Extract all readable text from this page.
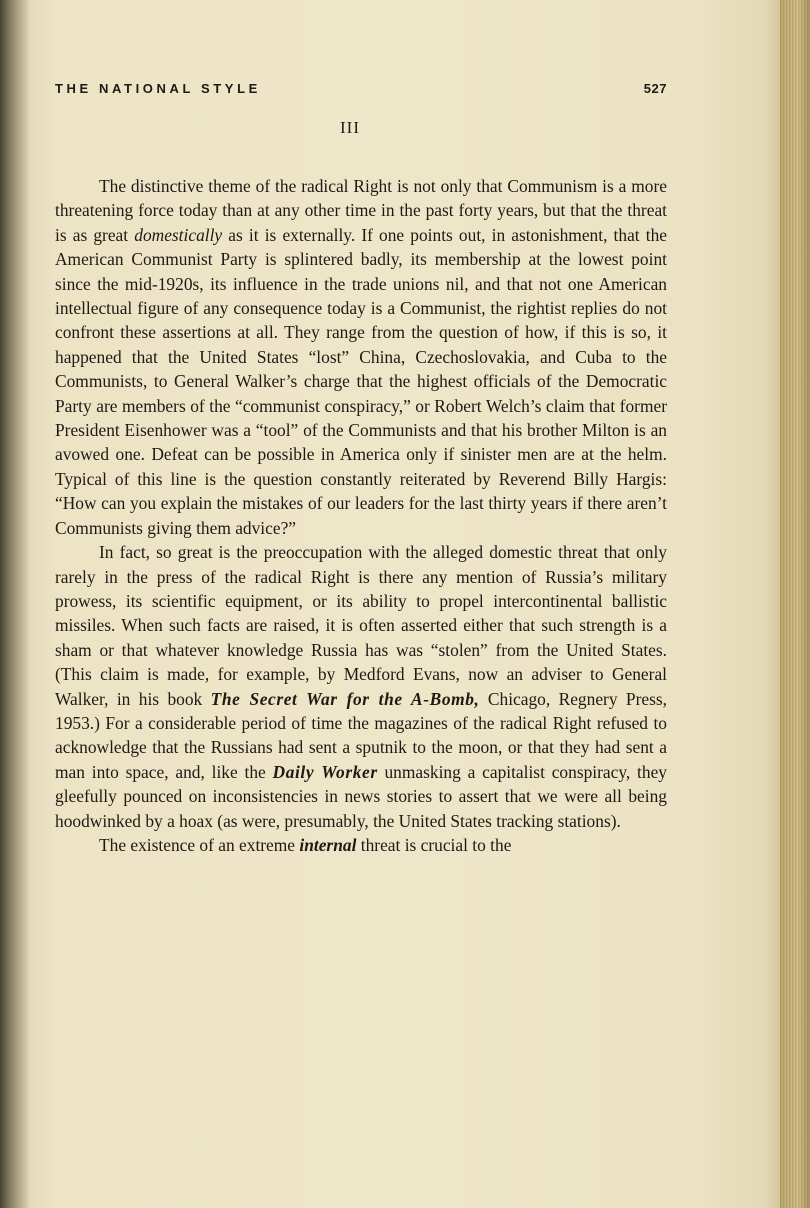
THE NATIONAL STYLE	527
III

The distinctive theme of the radical Right is not only that Communism is a more threatening force today than at any other time in the past forty years, but that the threat is as great domestically as it is externally. If one points out, in astonishment, that the American Communist Party is splintered badly, its membership at the lowest point since the mid-1920s, its influence in the trade unions nil, and that not one American intellectual figure of any consequence today is a Communist, the rightist replies do not confront these assertions at all. They range from the question of how, if this is so, it happened that the United States “lost” China, Czechoslovakia, and Cuba to the Communists, to General Walker’s charge that the highest officials of the Democratic Party are members of the “communist conspiracy,” or Robert Welch’s claim that former President Eisenhower was a “tool” of the Communists and that his brother Milton is an avowed one. Defeat can be possible in America only if sinister men are at the helm. Typical of this line is the question constantly reiterated by Reverend Billy Hargis: “How can you explain the mistakes of our leaders for the last thirty years if there aren’t Communists giving them advice?”

In fact, so great is the preoccupation with the alleged domestic threat that only rarely in the press of the radical Right is there any mention of Russia’s military prowess, its scientific equipment, or its ability to propel intercontinental ballistic missiles. When such facts are raised, it is often asserted either that such strength is a sham or that whatever knowledge Russia has was “stolen” from the United States. (This claim is made, for example, by Medford Evans, now an adviser to General Walker, in his book The Secret War for the A-Bomb, Chicago, Regnery Press, 1953.) For a considerable period of time the magazines of the radical Right refused to acknowledge that the Russians had sent a sputnik to the moon, or that they had sent a man into space, and, like the Daily Worker unmasking a capitalist conspiracy, they gleefully pounced on inconsistencies in news stories to assert that we were all being hoodwinked by a hoax (as were, presumably, the United States tracking stations).

The existence of an extreme internal threat is crucial to the
